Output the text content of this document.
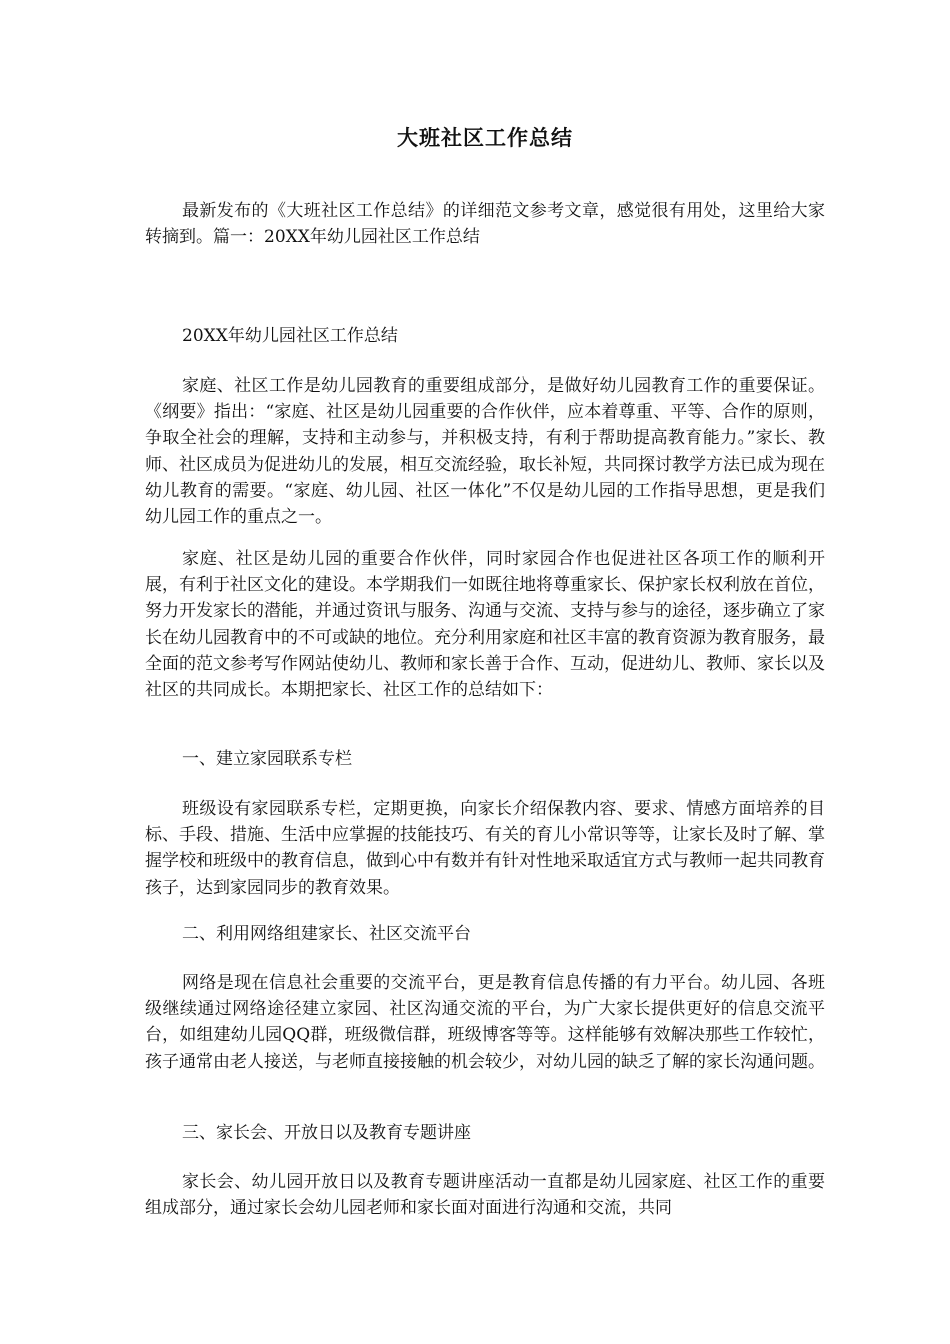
大班社区工作总结

最新发布的《大班社区工作总结》的详细范文参考文章，感觉很有用处，这里给大家转摘到。篇一：20XX年幼儿园社区工作总结

20XX年幼儿园社区工作总结

家庭、社区工作是幼儿园教育的重要组成部分，是做好幼儿园教育工作的重要保证。《纲要》指出：“家庭、社区是幼儿园重要的合作伙伴，应本着尊重、平等、合作的原则，争取全社会的理解，支持和主动参与，并积极支持，有利于帮助提高教育能力。”家长、教师、社区成员为促进幼儿的发展，相互交流经验，取长补短，共同探讨教学方法已成为现在幼儿教育的需要。“家庭、幼儿园、社区一体化”不仅是幼儿园的工作指导思想，更是我们幼儿园工作的重点之一。

家庭、社区是幼儿园的重要合作伙伴，同时家园合作也促进社区各项工作的顺利开展，有利于社区文化的建设。本学期我们一如既往地将尊重家长、保护家长权利放在首位，努力开发家长的潜能，并通过资讯与服务、沟通与交流、支持与参与的途径，逐步确立了家长在幼儿园教育中的不可或缺的地位。充分利用家庭和社区丰富的教育资源为教育服务，最全面的范文参考写作网站使幼儿、教师和家长善于合作、互动，促进幼儿、教师、家长以及社区的共同成长。本期把家长、社区工作的总结如下：

一、建立家园联系专栏

班级设有家园联系专栏，定期更换，向家长介绍保教内容、要求、情感方面培养的目标、手段、措施、生活中应掌握的技能技巧、有关的育儿小常识等等，让家长及时了解、掌握学校和班级中的教育信息，做到心中有数并有针对性地采取适宜方式与教师一起共同教育孩子，达到家园同步的教育效果。

二、利用网络组建家长、社区交流平台

网络是现在信息社会重要的交流平台，更是教育信息传播的有力平台。幼儿园、各班级继续通过网络途径建立家园、社区沟通交流的平台，为广大家长提供更好的信息交流平台，如组建幼儿园QQ群，班级微信群，班级博客等等。这样能够有效解决那些工作较忙，孩子通常由老人接送，与老师直接接触的机会较少，对幼儿园的缺乏了解的家长沟通问题。

三、家长会、开放日以及教育专题讲座

家长会、幼儿园开放日以及教育专题讲座活动一直都是幼儿园家庭、社区工作的重要组成部分，通过家长会幼儿园老师和家长面对面进行沟通和交流，共同
